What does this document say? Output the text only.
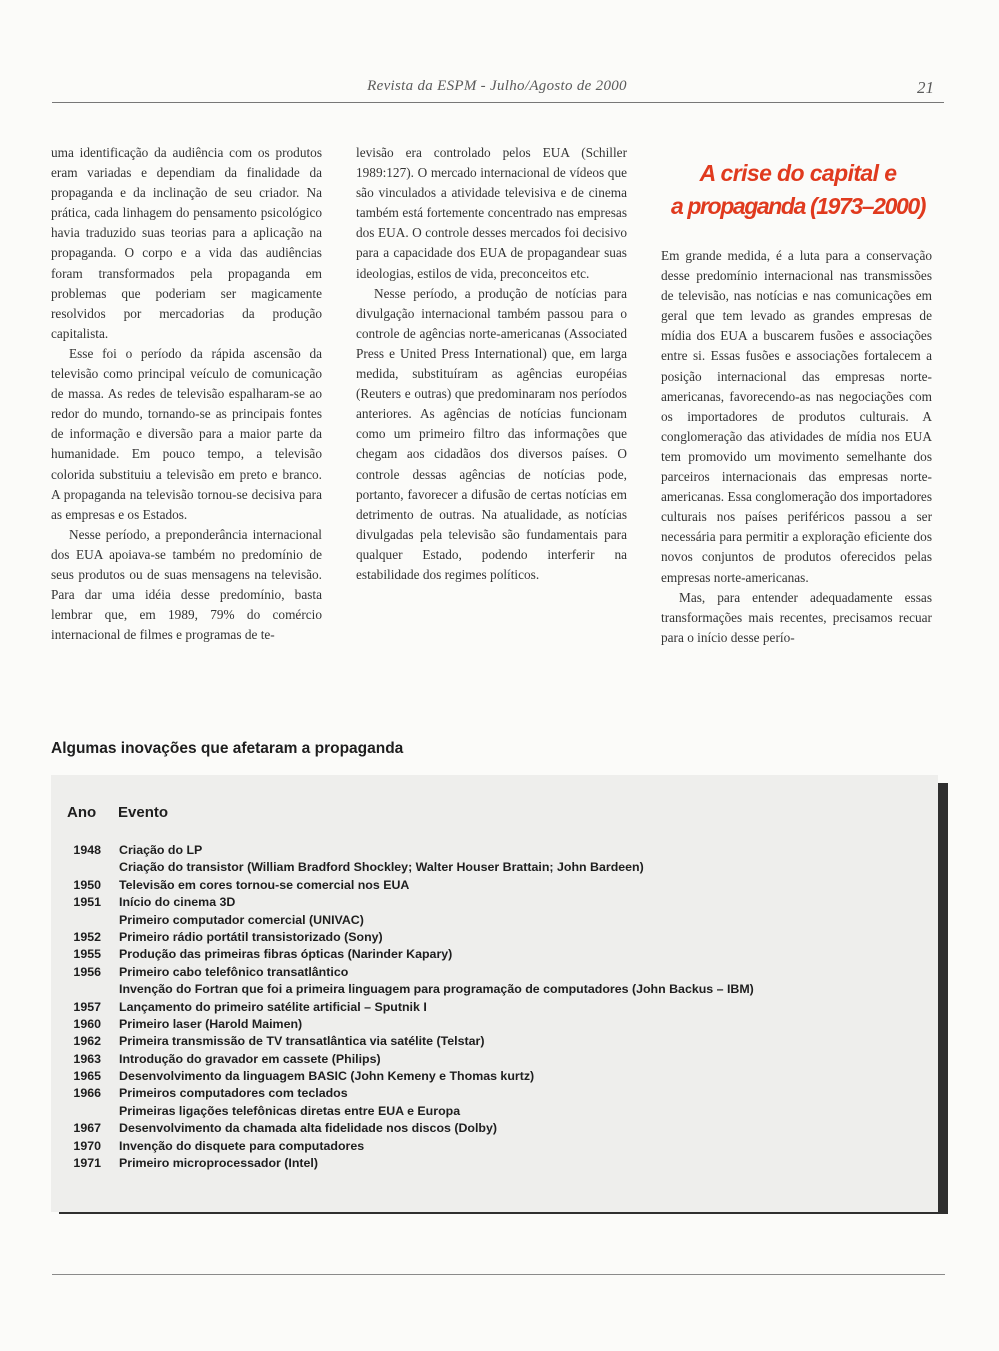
Revista da ESPM - Julho/Agosto de 2000	21

uma identificação da audiência com os produtos eram variadas e dependiam da finalidade da propaganda e da inclinação de seu criador. Na prática, cada linhagem do pensamento psicológico havia traduzido suas teorias para a aplicação na propaganda. O corpo e a vida das audiências foram transformados pela propaganda em problemas que poderiam ser magicamente resolvidos por mercadorias da produção capitalista.

Esse foi o período da rápida ascensão da televisão como principal veículo de comunicação de massa. As redes de televisão espalharam-se ao redor do mundo, tornando-se as principais fontes de informação e diversão para a maior parte da humanidade. Em pouco tempo, a televisão colorida substituiu a televisão em preto e branco. A propaganda na televisão tornou-se decisiva para as empresas e os Estados.

Nesse período, a preponderância internacional dos EUA apoiava-se também no predomínio de seus produtos ou de suas mensagens na televisão. Para dar uma idéia desse predomínio, basta lembrar que, em 1989, 79% do comércio internacional de filmes e programas de te-

levisão era controlado pelos EUA (Schiller 1989:127). O mercado internacional de vídeos que são vinculados a atividade televisiva e de cinema também está fortemente concentrado nas empresas dos EUA. O controle desses mercados foi decisivo para a capacidade dos EUA de propagandear suas ideologias, estilos de vida, preconceitos etc.

Nesse período, a produção de notícias para divulgação internacional também passou para o controle de agências norte-americanas (Associated Press e United Press International) que, em larga medida, substituíram as agências européias (Reuters e outras) que predominaram nos períodos anteriores. As agências de notícias funcionam como um primeiro filtro das informações que chegam aos cidadãos dos diversos países. O controle dessas agências de notícias pode, portanto, favorecer a difusão de certas notícias em detrimento de outras. Na atualidade, as notícias divulgadas pela televisão são fundamentais para qualquer Estado, podendo interferir na estabilidade dos regimes políticos.

A crise do capital e
a propaganda (1973–2000)

Em grande medida, é a luta para a conservação desse predomínio internacional nas transmissões de televisão, nas notícias e nas comunicações em geral que tem levado as grandes empresas de mídia dos EUA a buscarem fusões e associações entre si. Essas fusões e associações fortalecem a posição internacional das empresas norte-americanas, favorecendo-as nas negociações com os importadores de produtos culturais. A conglomeração das atividades de mídia nos EUA tem promovido um movimento semelhante dos parceiros internacionais das empresas norte-americanas. Essa conglomeração dos importadores culturais nos países periféricos passou a ser necessária para permitir a exploração eficiente dos novos conjuntos de produtos oferecidos pelas empresas norte-americanas.

Mas, para entender adequadamente essas transformações mais recentes, precisamos recuar para o início desse perío-

Algumas inovações que afetaram a propaganda
Ano	Evento
1948 Criação do LP
Criação do transistor (William Bradford Shockley; Walter Houser Brattain; John Bardeen)
1950 Televisão em cores tornou-se comercial nos EUA
1951 Início do cinema 3D
Primeiro computador comercial (UNIVAC)
1952 Primeiro rádio portátil transistorizado (Sony)
1955 Produção das primeiras fibras ópticas (Narinder Kapary)
1956 Primeiro cabo telefônico transatlântico
Invenção do Fortran que foi a primeira linguagem para programação de computadores (John Backus – IBM)
1957 Lançamento do primeiro satélite artificial – Sputnik I
1960 Primeiro laser (Harold Maimen)
1962 Primeira transmissão de TV transatlântica via satélite (Telstar)
1963 Introdução do gravador em cassete (Philips)
1965 Desenvolvimento da linguagem BASIC (John Kemeny e Thomas kurtz)
1966 Primeiros computadores com teclados
Primeiras ligações telefônicas diretas entre EUA e Europa
1967 Desenvolvimento da chamada alta fidelidade nos discos (Dolby)
1970 Invenção do disquete para computadores
1971 Primeiro microprocessador (Intel)
